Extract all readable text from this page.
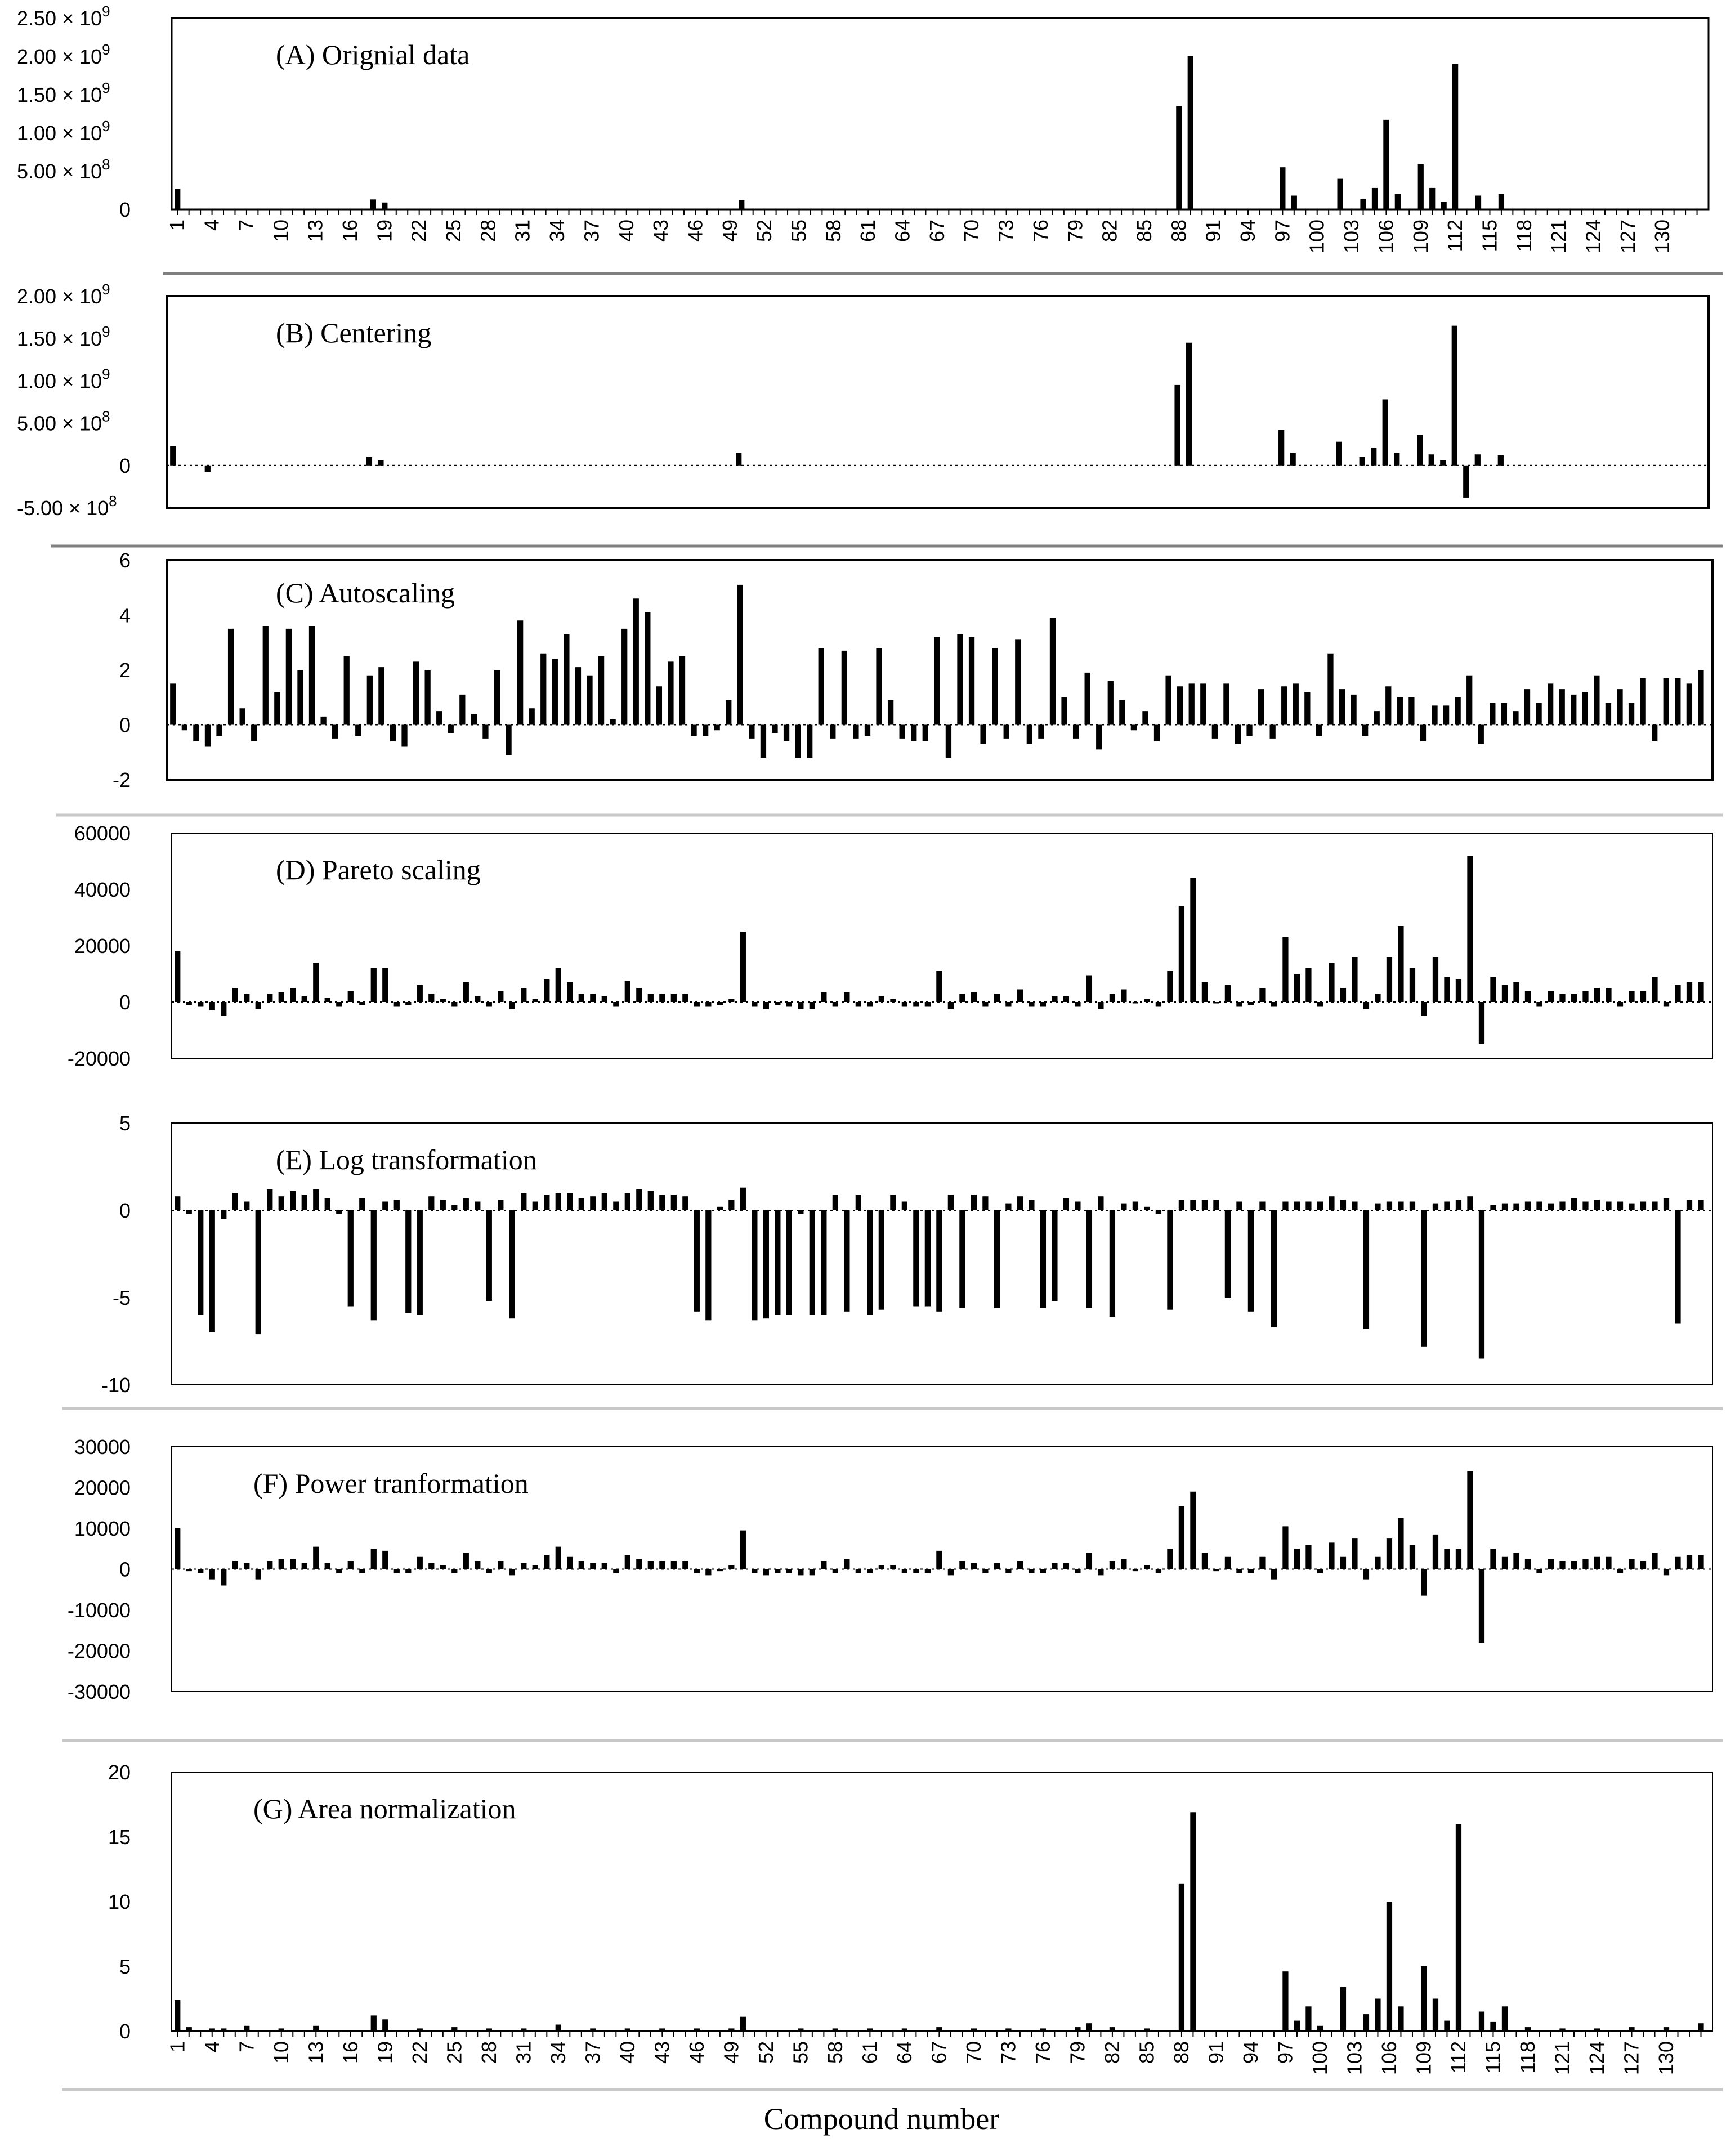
(A) Orignial data
$2.50 \times 10^9$
$2.00 \times 10^9$
$1.50 \times 10^9$
$1.00 \times 10^9$
$5.00 \times 10^8$
0
1 4 7 10 13 16 19 22 25 28 31 34 37 40 43 46 49 52 55 58 61 64 67 70 73 76 79 82 85 88 91 94 97 100 103 106 109 112 115 118 121 124 127 130
(B) Centering
$2.00 \times 10^9$
$1.50 \times 10^9$
$1.00 \times 10^9$
$5.00 \times 10^8$
0
$-5.00 \times 10^8$
(C) Autoscaling
6
4
2
0
-2
(D) Pareto scaling
60000
40000
20000
0
-20000
(E) Log transformation
5
0
-5
-10
(F) Power tranformation
30000
20000
10000
0
-10000
-20000
-30000
(G) Area normalization
20
15
10
5
0
1 4 7 10 13 16 19 22 25 28 31 34 37 40 43 46 49 52 55 58 61 64 67 70 73 76 79 82 85 88 91 94 97 100 103 106 109 112 115 118 121 124 127 130
Compound number
